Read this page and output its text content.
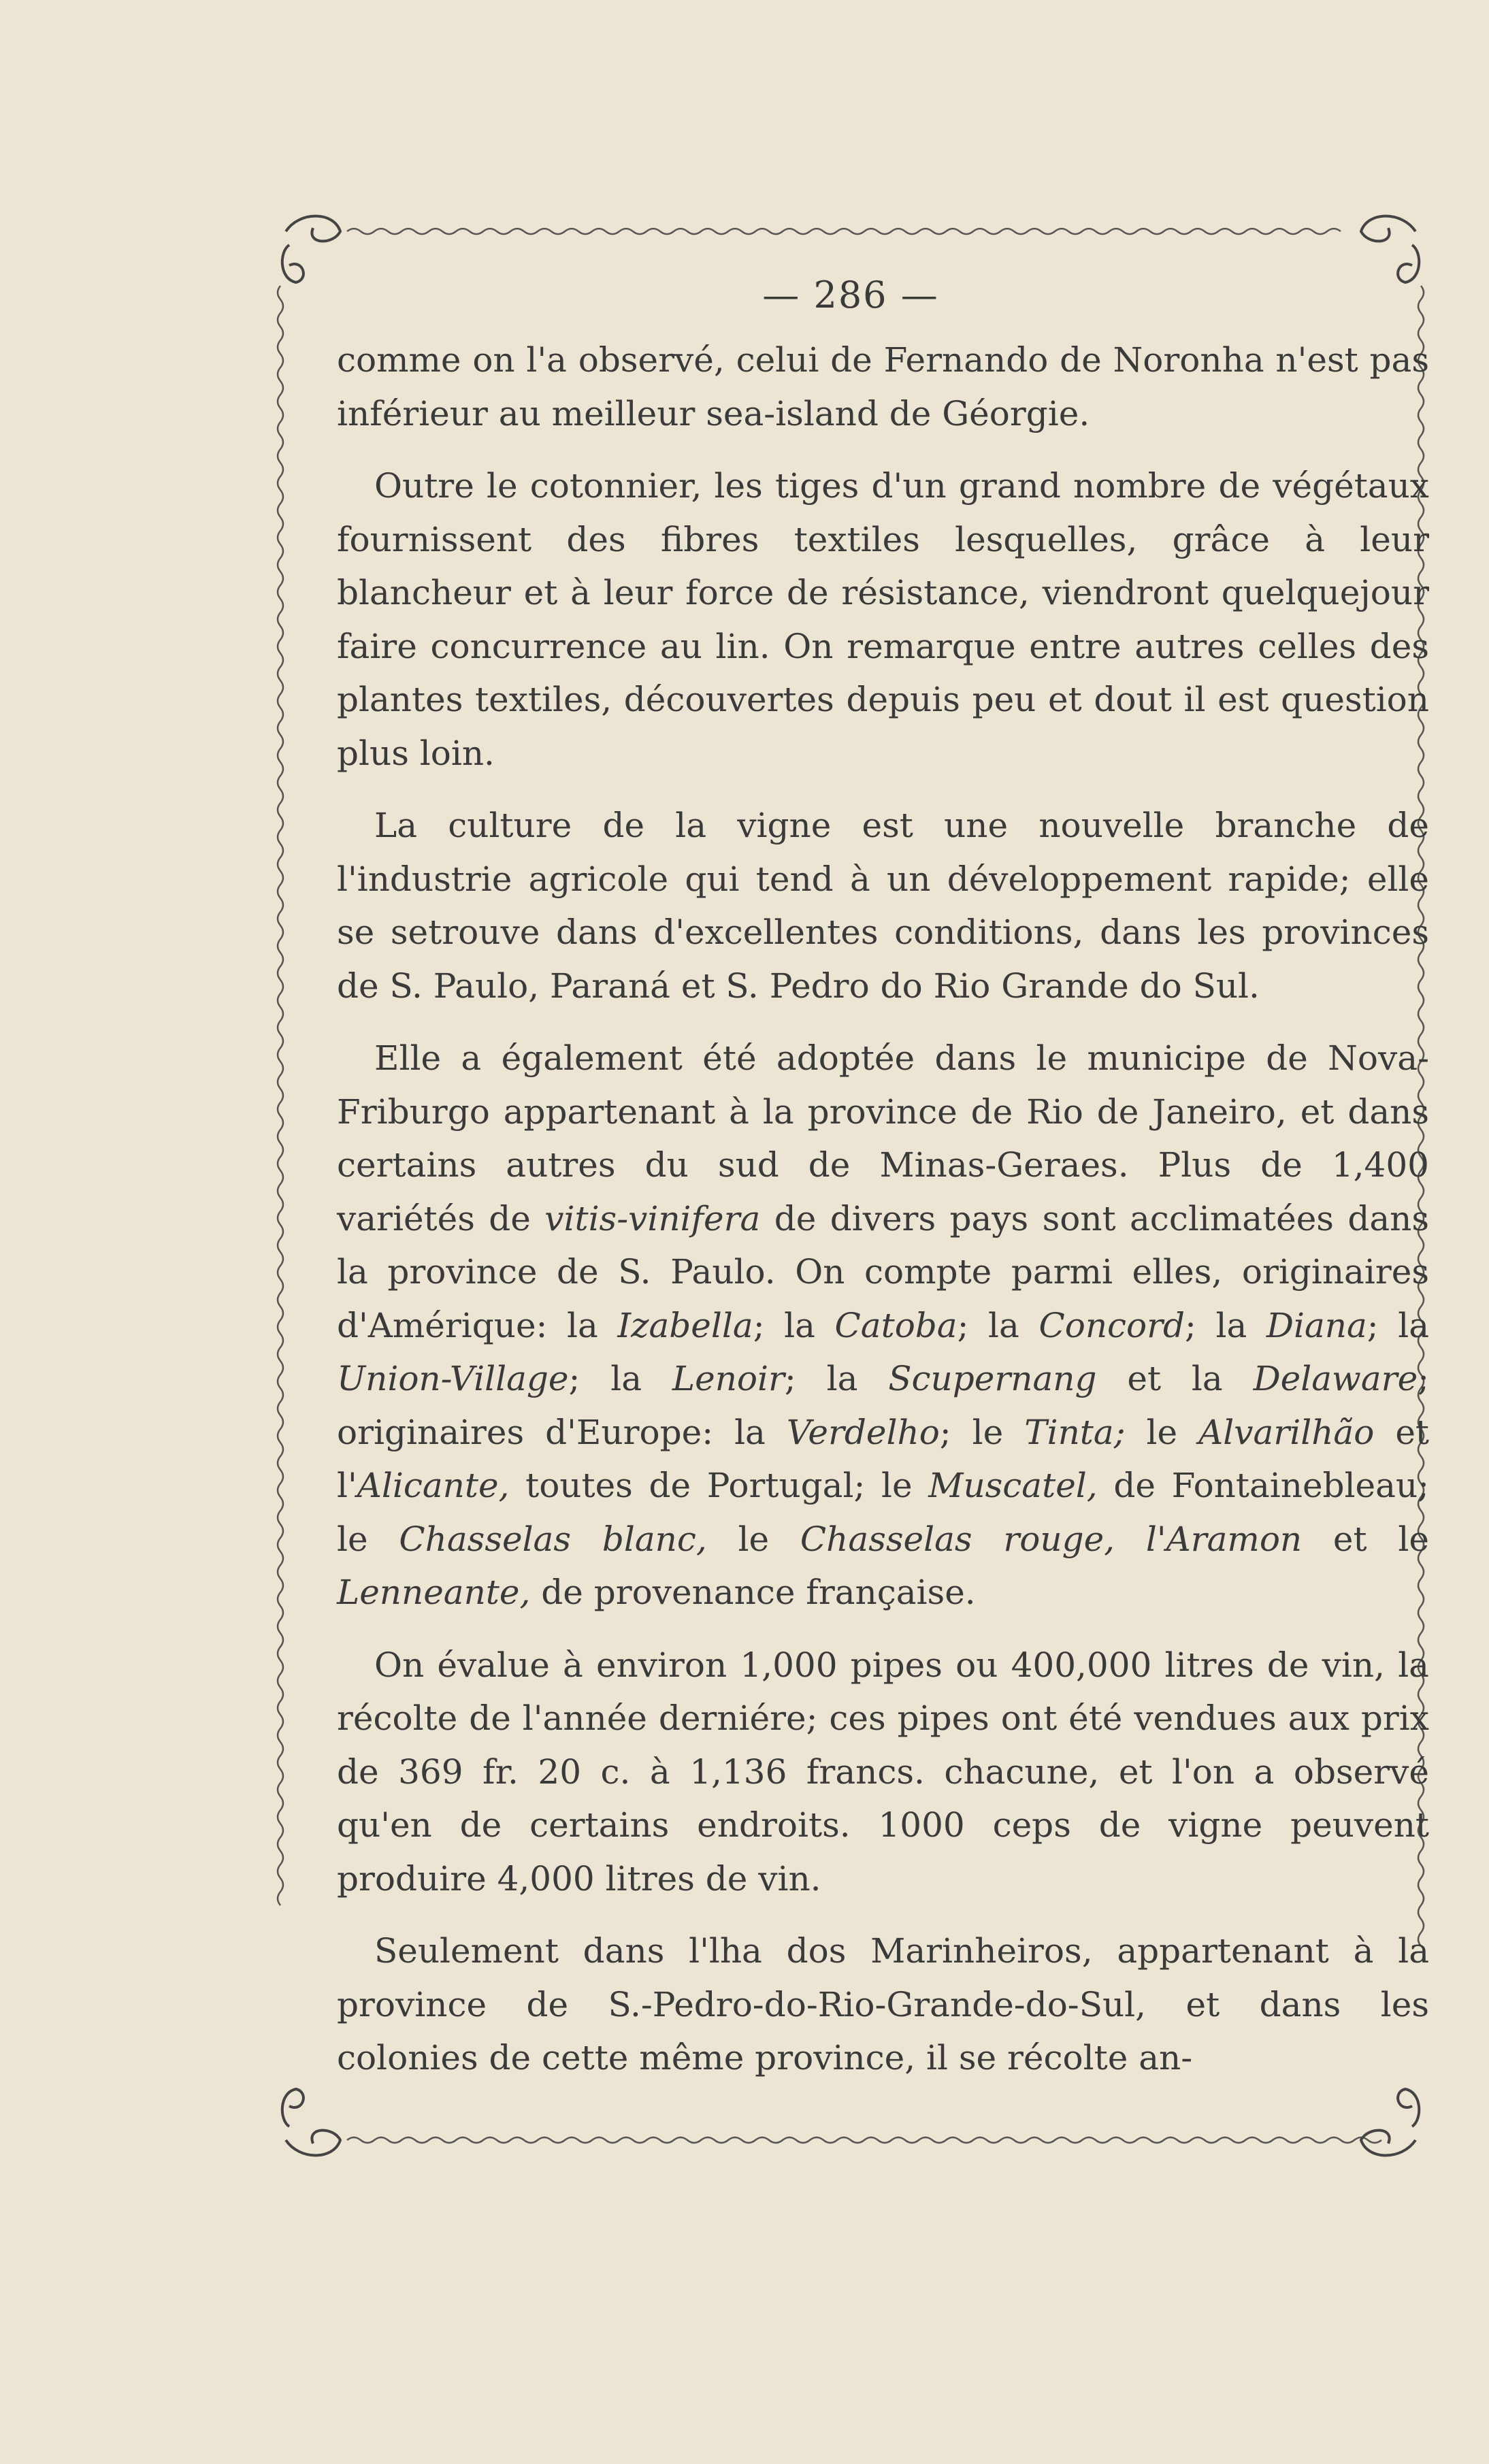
— 286 —

comme on l'a observé, celui de Fernando de Noronha n'est pas inférieur au meilleur sea-island de Géorgie.

Outre le cotonnier, les tiges d'un grand nombre de végétaux fournissent des fibres textiles lesquelles, grâce à leur blancheur et à leur force de résistance, viendront quelquejour faire concurrence au lin. On remarque entre autres celles des plantes textiles, découvertes depuis peu et dout il est question plus loin.

La culture de la vigne est une nouvelle branche de l'industrie agricole qui tend à un développement rapide; elle se setrouve dans d'excellentes conditions, dans les provinces de S. Paulo, Paraná et S. Pedro do Rio Grande do Sul.

Elle a également été adoptée dans le municipe de Nova-Friburgo appartenant à la province de Rio de Janeiro, et dans certains autres du sud de Minas-Geraes. Plus de 1,400 variétés de vitis-vinifera de divers pays sont acclimatées dans la province de S. Paulo. On compte parmi elles, originaires d'Amérique: la Izabella; la Catoba; la Concord; la Diana; la Union-Village; la Lenoir; la Scupernang et la Delaware; originaires d'Europe: la Verdelho; le Tinta; le Alvarilhão et l'Alicante, toutes de Portugal; le Muscatel, de Fontainebleau; le Chasselas blanc, le Chasselas rouge, l'Aramon et le Lenneante, de provenance française.

On évalue à environ 1,000 pipes ou 400,000 litres de vin, la récolte de l'année derniére; ces pipes ont été vendues aux prix de 369 fr. 20 c. à 1,136 francs. chacune, et l'on a observé qu'en de certains endroits. 1000 ceps de vigne peuvent produire 4,000 litres de vin.

Seulement dans l'lha dos Marinheiros, appartenant à la province de S.-Pedro-do-Rio-Grande-do-Sul, et dans les colonies de cette même province, il se récolte an-
